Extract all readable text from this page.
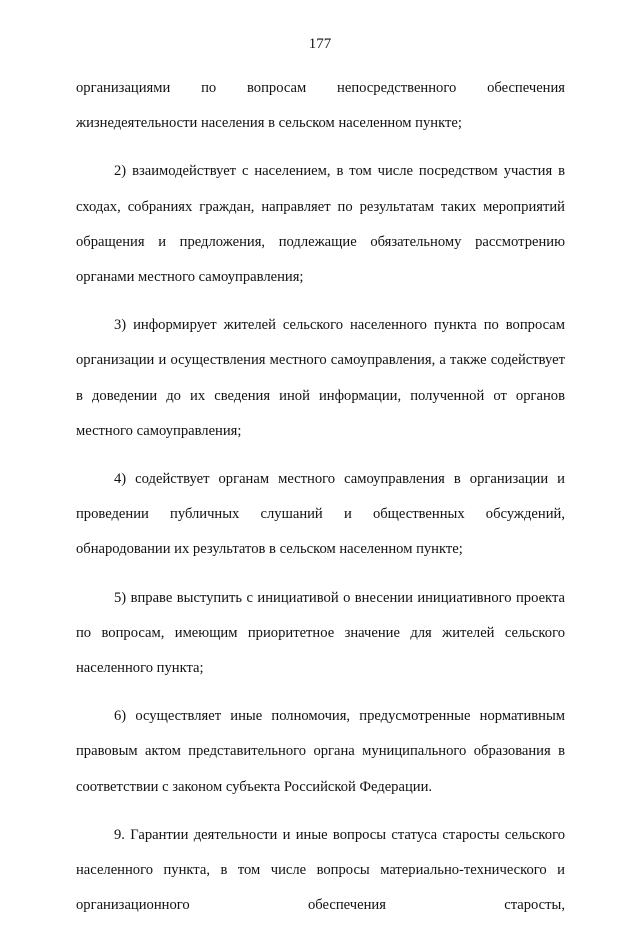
177

организациями по вопросам непосредственного обеспечения
жизнедеятельности населения в сельском населенном пункте;

2) взаимодействует с населением, в том числе посредством участия в сходах, собраниях граждан, направляет по результатам таких мероприятий обращения и предложения, подлежащие обязательному рассмотрению органами местного самоуправления;

3) информирует жителей сельского населенного пункта по вопросам организации и осуществления местного самоуправления, а также содействует в доведении до их сведения иной информации, полученной от органов местного самоуправления;

4) содействует органам местного самоуправления в организации и проведении публичных слушаний и общественных обсуждений, обнародовании их результатов в сельском населенном пункте;

5) вправе выступить с инициативой о внесении инициативного проекта по вопросам, имеющим приоритетное значение для жителей сельского населенного пункта;

6) осуществляет иные полномочия, предусмотренные нормативным правовым актом представительного органа муниципального образования в соответствии с законом субъекта Российской Федерации.

9. Гарантии деятельности и иные вопросы статуса старосты сельского населенного пункта, в том числе вопросы материально-технического и организационного обеспечения старосты,
